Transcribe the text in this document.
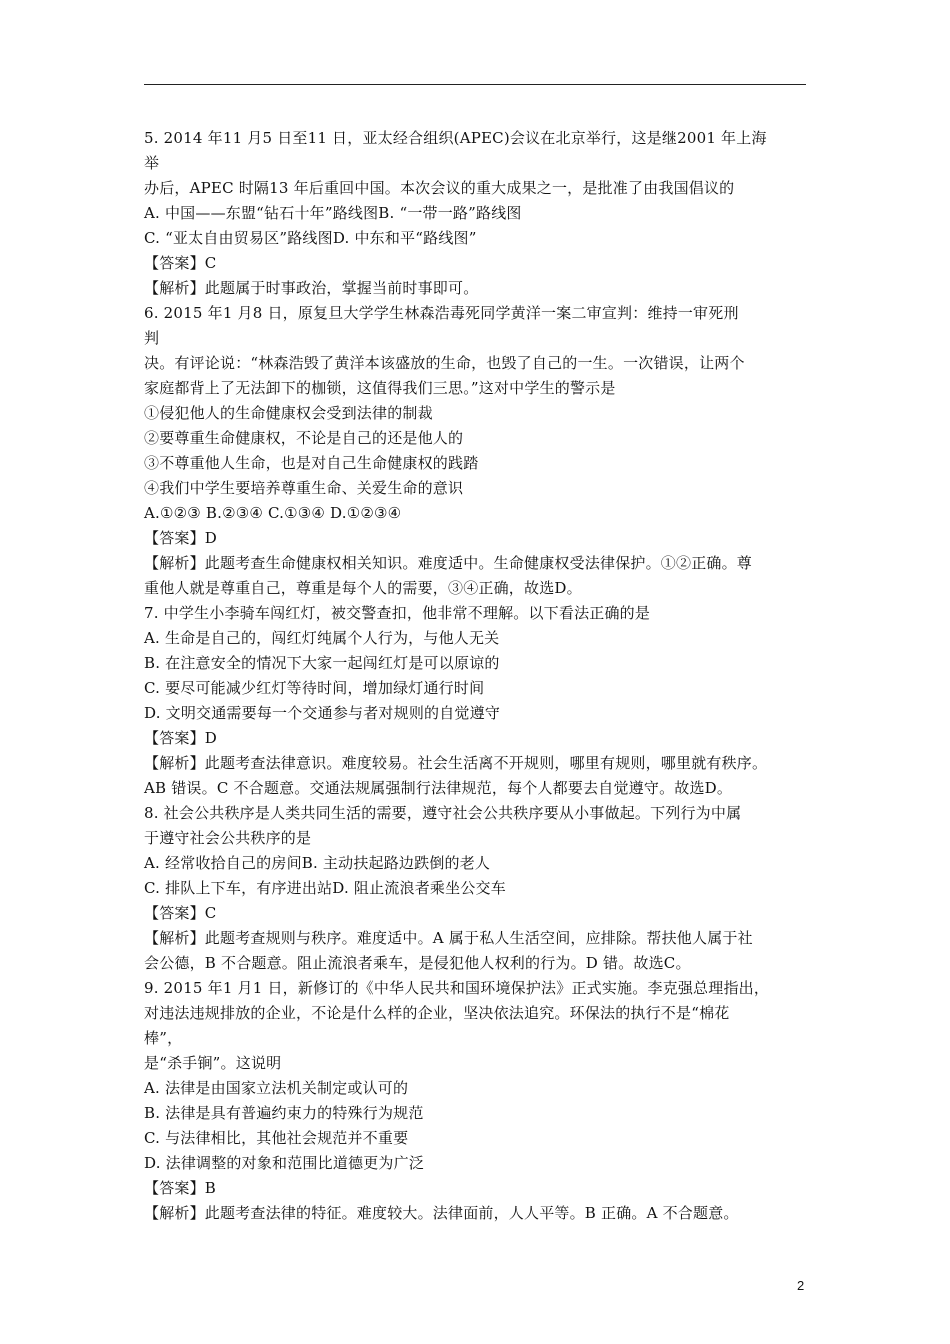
5. 2014 年11 月5 日至11 日，亚太经合组织(APEC)会议在北京举行，这是继2001 年上海
举
办后，APEC 时隔13 年后重回中国。本次会议的重大成果之一，是批准了由我国倡议的
A. 中国——东盟“钻石十年”路线图B. “一带一路”路线图
C. “亚太自由贸易区”路线图D. 中东和平“路线图”
【答案】C
【解析】此题属于时事政治，掌握当前时事即可。
6. 2015 年1 月8 日，原复旦大学学生林森浩毒死同学黄洋一案二审宣判：维持一审死刑
判
决。有评论说：“林森浩毁了黄洋本该盛放的生命，也毁了自己的一生。一次错误，让两个
家庭都背上了无法卸下的枷锁，这值得我们三思。”这对中学生的警示是
①侵犯他人的生命健康权会受到法律的制裁
②要尊重生命健康权，不论是自己的还是他人的
③不尊重他人生命，也是对自己生命健康权的践踏
④我们中学生要培养尊重生命、关爱生命的意识
A.①②③ B.②③④ C.①③④ D.①②③④
【答案】D
【解析】此题考查生命健康权相关知识。难度适中。生命健康权受法律保护。①②正确。尊
重他人就是尊重自己，尊重是每个人的需要，③④正确，故选D。
7. 中学生小李骑车闯红灯，被交警查扣，他非常不理解。以下看法正确的是
A. 生命是自己的，闯红灯纯属个人行为，与他人无关
B. 在注意安全的情况下大家一起闯红灯是可以原谅的
C. 要尽可能减少红灯等待时间，增加绿灯通行时间
D. 文明交通需要每一个交通参与者对规则的自觉遵守
【答案】D
【解析】此题考查法律意识。难度较易。社会生活离不开规则，哪里有规则，哪里就有秩序。
AB 错误。C 不合题意。交通法规属强制行法律规范，每个人都要去自觉遵守。故选D。
8. 社会公共秩序是人类共同生活的需要，遵守社会公共秩序要从小事做起。下列行为中属
于遵守社会公共秩序的是
A. 经常收拾自己的房间B. 主动扶起路边跌倒的老人
C. 排队上下车，有序进出站D. 阻止流浪者乘坐公交车
【答案】C
【解析】此题考查规则与秩序。难度适中。A 属于私人生活空间，应排除。帮扶他人属于社
会公德，B 不合题意。阻止流浪者乘车，是侵犯他人权利的行为。D 错。故选C。
9. 2015 年1 月1 日，新修订的《中华人民共和国环境保护法》正式实施。李克强总理指出，
对违法违规排放的企业，不论是什么样的企业，坚决依法追究。环保法的执行不是“棉花
棒”，
是“杀手锏”。这说明
A. 法律是由国家立法机关制定或认可的
B. 法律是具有普遍约束力的特殊行为规范
C. 与法律相比，其他社会规范并不重要
D. 法律调整的对象和范围比道德更为广泛
【答案】B
【解析】此题考查法律的特征。难度较大。法律面前，人人平等。B 正确。A 不合题意。
2
